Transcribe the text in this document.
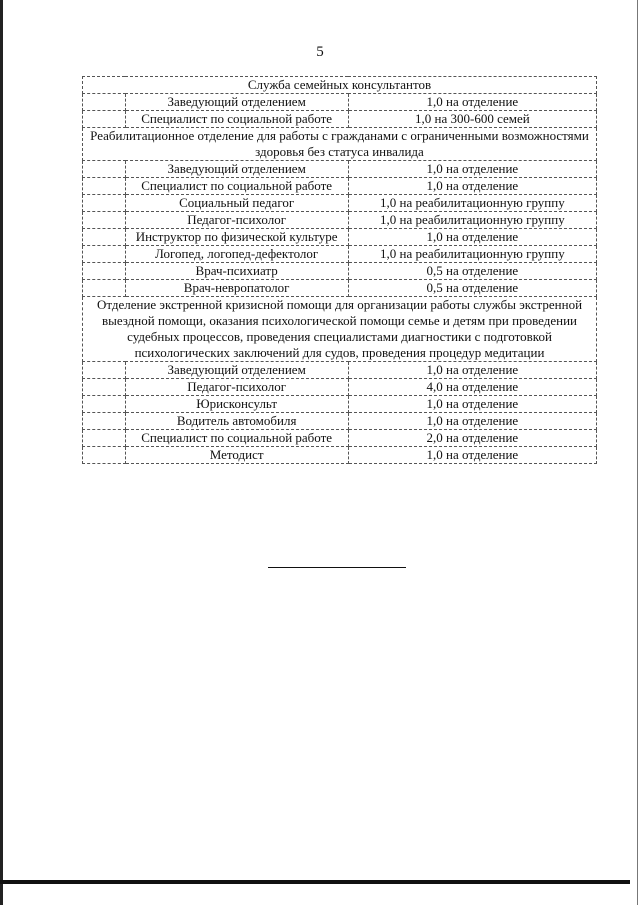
5
Служба семейных консультантов		
	Заведующий отделением	1,0 на отделение
	Специалист по социальной работе	1,0 на 300-600 семей
Реабилитационное отделение для работы с гражданами с ограниченными возможностями здоровья без статуса инвалида		
	Заведующий отделением	1,0 на отделение
	Специалист по социальной работе	1,0 на отделение
	Социальный педагог	1,0 на реабилитационную группу
	Педагог-психолог	1,0 на реабилитационную группу
	Инструктор по физической культуре	1,0 на отделение
	Логопед, логопед-дефектолог	1,0 на реабилитационную группу
	Врач-психиатр	0,5 на отделение
	Врач-невропатолог	0,5 на отделение
Отделение экстренной кризисной помощи для организации работы службы экстренной выездной помощи, оказания психологической помощи семье и детям при проведении судебных процессов, проведения специалистами диагностики с подготовкой психологических заключений для судов, проведения процедур медитации		
	Заведующий отделением	1,0 на отделение
	Педагог-психолог	4,0 на отделение
	Юрисконсульт	1,0 на отделение
	Водитель автомобиля	1,0 на отделение
	Специалист по социальной работе	2,0 на отделение
	Методист	1,0 на отделение
